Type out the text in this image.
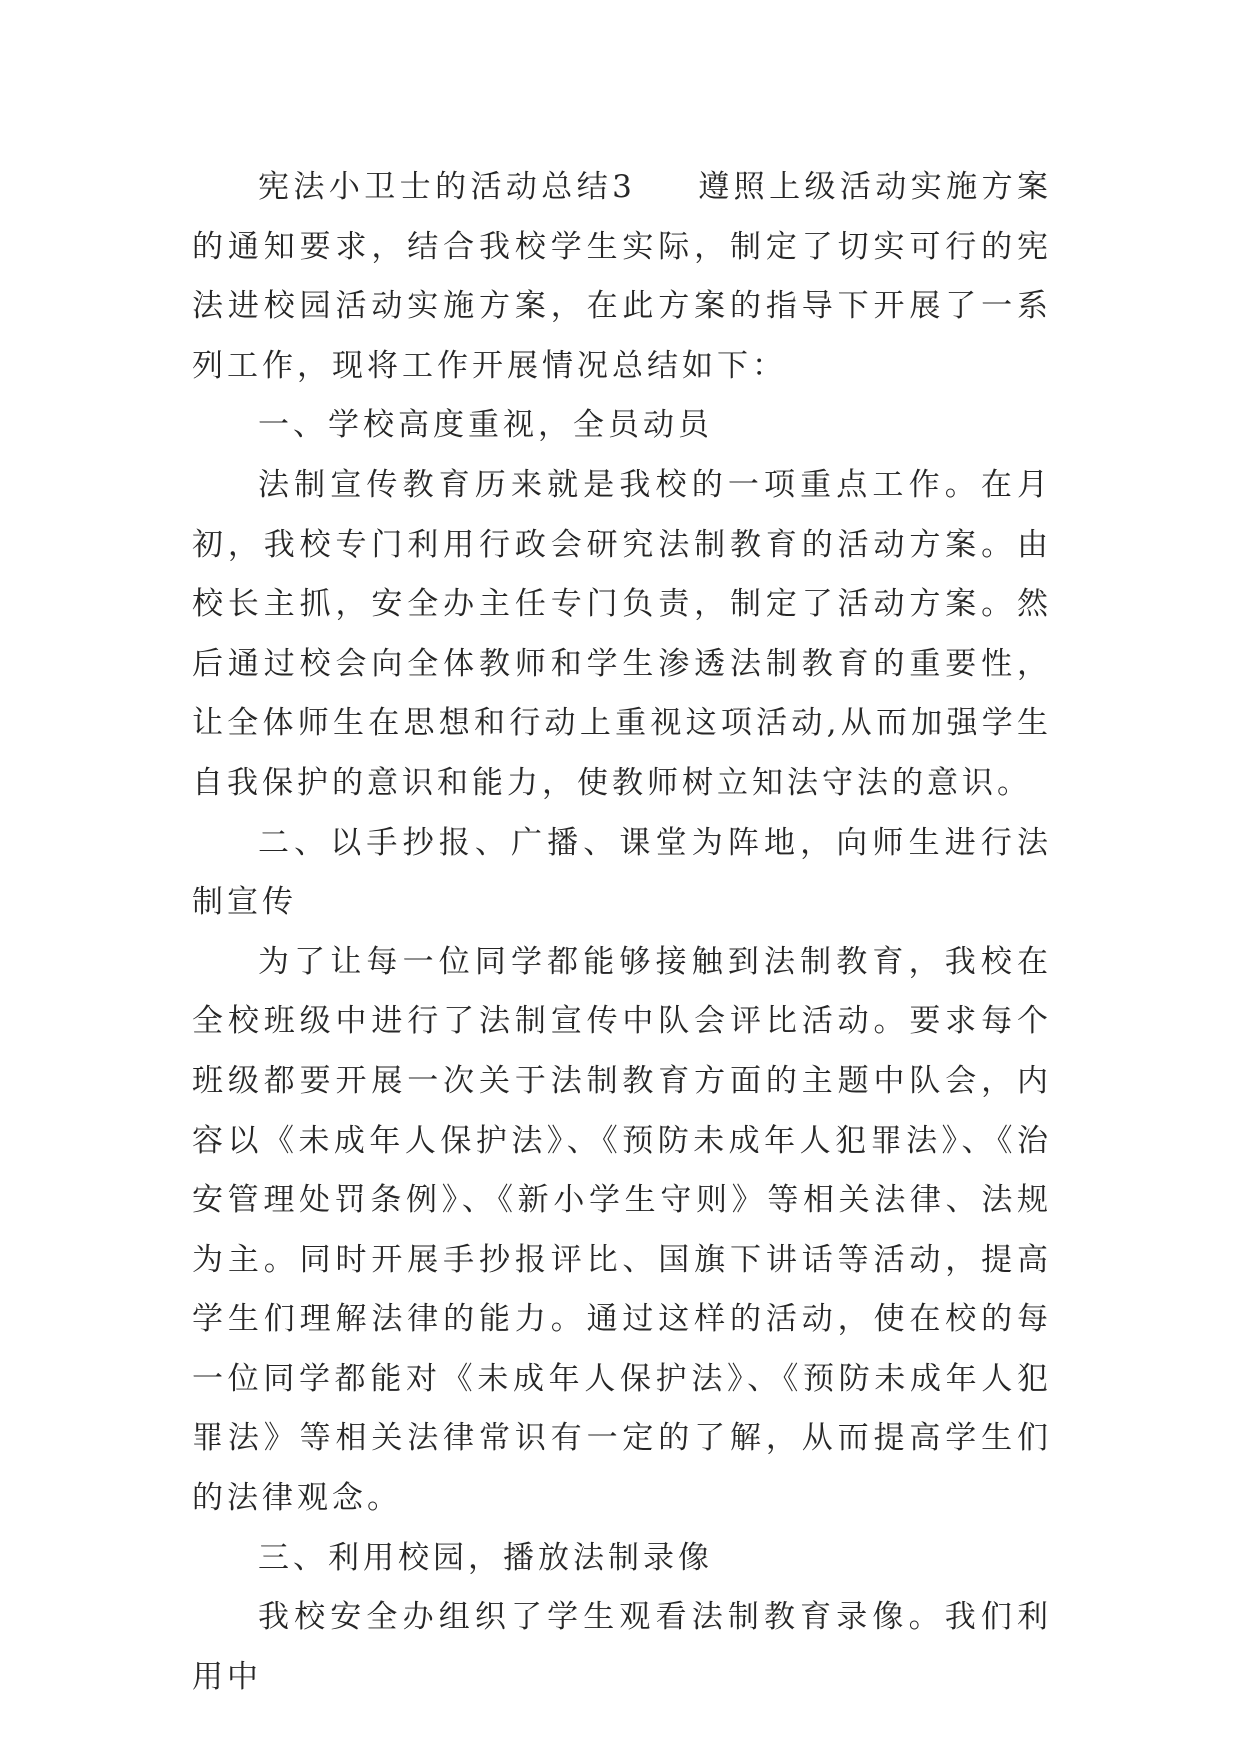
宪法小卫士的活动总结3 遵照上级活动实施方案的通知要求，结合我校学生实际，制定了切实可行的宪法进校园活动实施方案，在此方案的指导下开展了一系列工作，现将工作开展情况总结如下：

一、学校高度重视，全员动员

法制宣传教育历来就是我校的一项重点工作。在月初，我校专门利用行政会研究法制教育的活动方案。由校长主抓，安全办主任专门负责，制定了活动方案。然后通过校会向全体教师和学生渗透法制教育的重要性，让全体师生在思想和行动上重视这项活动,从而加强学生自我保护的意识和能力，使教师树立知法守法的意识。

二、以手抄报、广播、课堂为阵地，向师生进行法制宣传

为了让每一位同学都能够接触到法制教育，我校在全校班级中进行了法制宣传中队会评比活动。要求每个班级都要开展一次关于法制教育方面的主题中队会，内容以《未成年人保护法》、《预防未成年人犯罪法》、《治安管理处罚条例》、《新小学生守则》等相关法律、法规为主。同时开展手抄报评比、国旗下讲话等活动，提高学生们理解法律的能力。通过这样的活动，使在校的每一位同学都能对《未成年人保护法》、《预防未成年人犯罪法》等相关法律常识有一定的了解，从而提高学生们的法律观念。

三、利用校园，播放法制录像

我校安全办组织了学生观看法制教育录像。我们利用中
